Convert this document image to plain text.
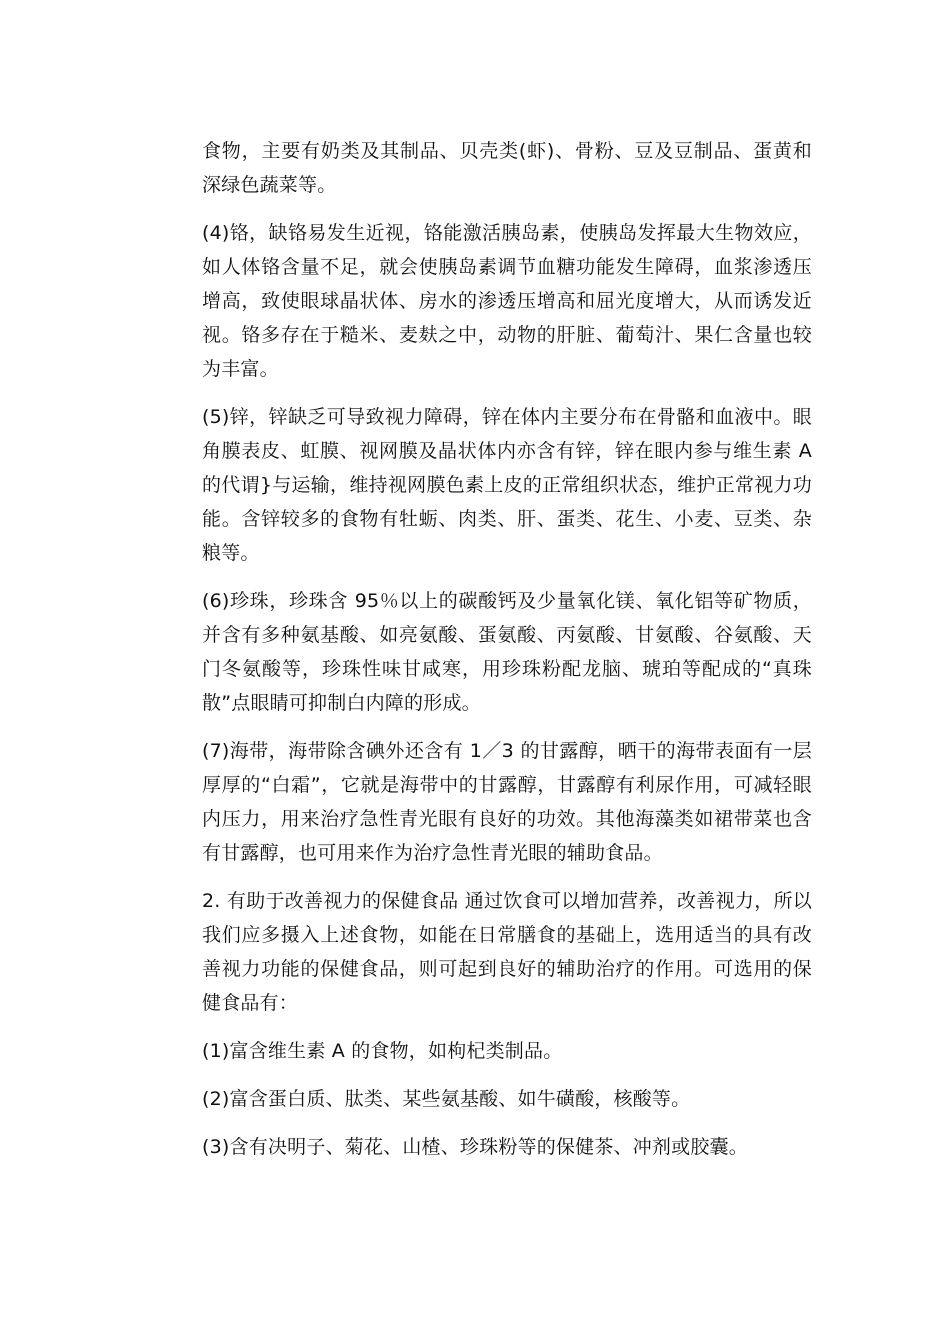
食物，主要有奶类及其制品、贝壳类(虾)、骨粉、豆及豆制品、蛋黄和深绿色蔬菜等。

(4)铬，缺铬易发生近视，铬能激活胰岛素，使胰岛发挥最大生物效应，如人体铬含量不足，就会使胰岛素调节血糖功能发生障碍，血浆渗透压增高，致使眼球晶状体、房水的渗透压增高和屈光度增大，从而诱发近视。铬多存在于糙米、麦麸之中，动物的肝脏、葡萄汁、果仁含量也较为丰富。

(5)锌，锌缺乏可导致视力障碍，锌在体内主要分布在骨骼和血液中。眼角膜表皮、虹膜、视网膜及晶状体内亦含有锌，锌在眼内参与维生素 A 的代谓}与运输，维持视网膜色素上皮的正常组织状态，维护正常视力功能。含锌较多的食物有牡蛎、肉类、肝、蛋类、花生、小麦、豆类、杂粮等。

(6)珍珠，珍珠含 95％以上的碳酸钙及少量氧化镁、氧化铝等矿物质，并含有多种氨基酸、如亮氨酸、蛋氨酸、丙氨酸、甘氨酸、谷氨酸、天门冬氨酸等，珍珠性味甘咸寒，用珍珠粉配龙脑、琥珀等配成的“真珠散”点眼睛可抑制白内障的形成。

(7)海带，海带除含碘外还含有 1／3 的甘露醇，晒干的海带表面有一层厚厚的“白霜”，它就是海带中的甘露醇，甘露醇有利尿作用，可减轻眼内压力，用来治疗急性青光眼有良好的功效。其他海藻类如裙带菜也含有甘露醇，也可用来作为治疗急性青光眼的辅助食品。

2. 有助于改善视力的保健食品 通过饮食可以增加营养，改善视力，所以我们应多摄入上述食物，如能在日常膳食的基础上，选用适当的具有改善视力功能的保健食品，则可起到良好的辅助治疗的作用。可选用的保健食品有：

(1)富含维生素 A 的食物，如枸杞类制品。

(2)富含蛋白质、肽类、某些氨基酸、如牛磺酸，核酸等。

(3)含有决明子、菊花、山楂、珍珠粉等的保健茶、冲剂或胶囊。
